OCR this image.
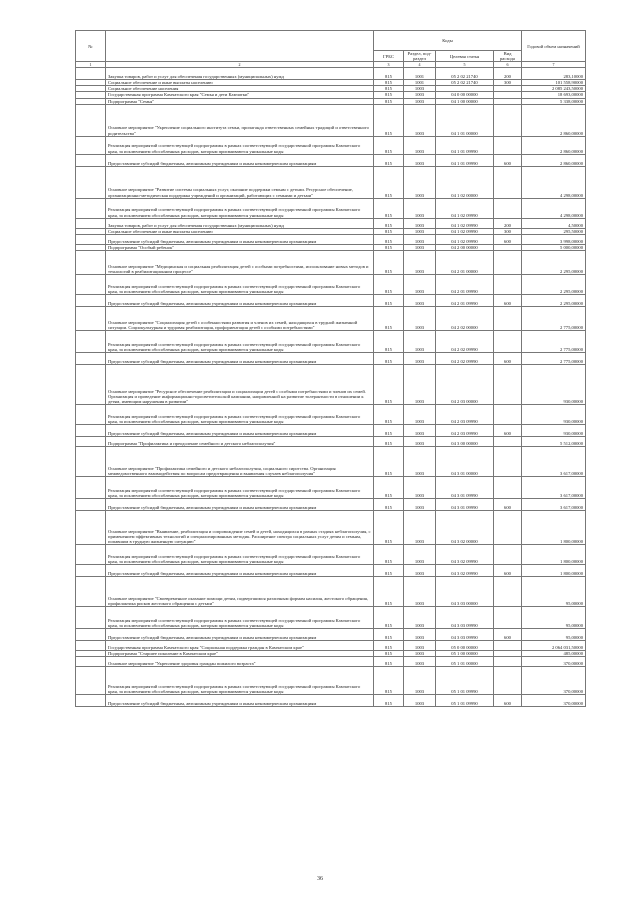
№		Коды				Годовой объем назначений
		ГРБС	Раздел, под-раздел	Целевая статья	Вид расхода	
1	2	3	4	5	6	7
	Закупка товаров, работ и услуг для обеспечения государственных (муниципальных) нужд	815	1001	05 2 02 21740	200	283,10000
	Социальное обеспечение и иные выплаты населению	815	1001	05 2 02 21740	300	101 558,90000
	Социальное обеспечение населения	815	1003			2 085 243,50000
	Государственная программа Камчатского края "Семья и дети Камчатки"	815	1003	04 0 00 00000		18 693,00000
	Подпрограмма "Семья"	815	1003	04 1 00 00000		5 338,00000
	Основное мероприятие "Укрепление социального института семьи, пропаганда ответственных семейных традиций и ответственного родительства"	815	1003	04 1 01 00000		2 860,00000
	Реализация мероприятий соответствующей подпрограммы в рамках соответствующей государственной программы Камчатского края, за исключением обособленных расходов, которым присваиваются уникальные коды	815	1003	04 1 01 09990		2 860,00000
	Предоставление субсидий бюджетным, автономным учреждениям и иным некоммерческим организациям	815	1003	04 1 01 09990	600	2 860,00000
	Основное мероприятие "Развитие системы социальных услуг, оказание поддержки семьям с детьми. Ресурсное обеспечение, организационно-методическая поддержка учреждений и организаций, работающих с семьями и детьми"	815	1003	04 1 02 00000		4 298,00000
	Реализация мероприятий соответствующей подпрограммы в рамках соответствующей государственной программы Камчатского края, за исключением обособленных расходов, которым присваиваются уникальные коды	815	1003	04 1 02 09990		4 298,00000
	Закупка товаров, работ и услуг для обеспечения государственных (муниципальных) нужд	815	1003	04 1 02 09990	200	4,50000
	Социальное обеспечение и иные выплаты населению	815	1003	04 1 02 09990	300	295,50000
	Предоставление субсидий бюджетным, автономным учреждениям и иным некоммерческим организациям	815	1003	04 1 02 09990	600	3 998,00000
	Подпрограмма "Особый ребенок"	815	1003	04 2 00 00000		5 000,00000
	Основное мероприятие "Медицинская и социальная реабилитация детей с особыми потребностями, использование новых методов и технологий в реабилитационном процессе"	815	1003	04 2 01 00000		2 295,00000
	Реализация мероприятий соответствующей подпрограммы в рамках соответствующей государственной программы Камчатского края, за исключением обособленных расходов, которым присваиваются уникальные коды	815	1003	04 2 01 09990		2 295,00000
	Предоставление субсидий бюджетным, автономным учреждениям и иным некоммерческим организациям	815	1003	04 2 01 09990	600	2 295,00000
	Основное мероприятие "Социализация детей с особенностями развития и членов их семей, находящихся в трудной жизненной ситуации. Социокультурная и трудовая реабилитация, профориентация детей с особыми потребностями"	815	1003	04 2 02 00000		2 775,00000
	Реализация мероприятий соответствующей подпрограммы в рамках соответствующей государственной программы Камчатского края, за исключением обособленных расходов, которым присваиваются уникальные коды	815	1003	04 2 02 09990		2 775,00000
	Предоставление субсидий бюджетным, автономным учреждениям и иным некоммерческим организациям	815	1003	04 2 02 09990	600	2 775,00000
	Основное мероприятие "Ресурсное обеспечение реабилитации и социализации детей с особыми потребностями и членов их семей. Организация и проведение информационно-просветительской кампании, направленной на развитие толерантности в отношении к детям, имеющим нарушения в развитии"	815	1003	04 2 03 00000		930,00000
	Реализация мероприятий соответствующей подпрограммы в рамках соответствующей государственной программы Камчатского края, за исключением обособленных расходов, которым присваиваются уникальные коды	815	1003	04 2 03 09990		930,00000
	Предоставление субсидий бюджетным, автономным учреждениям и иным некоммерческим организациям	815	1003	04 2 03 09990	600	930,00000
	Подпрограмма "Профилактика и преодоление семейного и детского неблагополучия"	815	1003	04 3 00 00000		5 512,00000
	Основное мероприятие "Профилактика семейного и детского неблагополучия, социального сиротства. Организация межведомственного взаимодействия по вопросам предотвращения и выявления случаев неблагополучия"	815	1003	04 3 01 00000		3 617,00000
	Реализация мероприятий соответствующей подпрограммы в рамках соответствующей государственной программы Камчатского края, за исключением обособленных расходов, которым присваиваются уникальные коды	815	1003	04 3 01 09990		3 617,00000
	Предоставление субсидий бюджетным, автономным учреждениям и иным некоммерческим организациям	815	1003	04 3 01 09990	600	3 617,00000
	Основное мероприятие "Выявление, реабилитация и сопровождение семей и детей, находящихся в разных стадиях неблагополучия, с применением эффективных технологий и специализированных методик. Расширение спектра социальных услуг детям и семьям, попавшим в трудную жизненную ситуацию"	815	1003	04 3 02 00000		1 800,00000
	Реализация мероприятий соответствующей подпрограммы в рамках соответствующей государственной программы Камчатского края, за исключением обособленных расходов, которым присваиваются уникальные коды	815	1003	04 3 02 09990		1 800,00000
	Предоставление субсидий бюджетным, автономным учреждениям и иным некоммерческим организациям	815	1003	04 3 02 09990	600	1 800,00000
	Основное мероприятие "Своевременное оказание помощи детям, подвергшимся различным формам насилия, жестокого обращения, профилактика рисков жестокого обращения с детьми"	815	1003	04 3 03 00000		95,00000
	Реализация мероприятий соответствующей подпрограммы в рамках соответствующей государственной программы Камчатского края, за исключением обособленных расходов, которым присваиваются уникальные коды	815	1003	04 3 03 09990		95,00000
	Предоставление субсидий бюджетным, автономным учреждениям и иным некоммерческим организациям	815	1003	04 3 03 09990	600	95,00000
	Государственная программа Камчатского края "Социальная поддержка граждан в Камчатском крае"	815	1003	05 0 00 00000		2 064 031,50000
	Подпрограмма "Старшее поколение в Камчатском крае"	815	1003	05 1 00 00000		485,00000
	Основное мероприятие "Укрепление здоровья граждан пожилого возраста"	815	1003	05 1 01 00000		370,00000
	Реализация мероприятий соответствующей подпрограммы в рамках соответствующей государственной программы Камчатского края, за исключением обособленных расходов, которым присваиваются уникальные коды	815	1003	05 1 01 09990		370,00000
	Предоставление субсидий бюджетным, автономным учреждениям и иным некоммерческим организациям	815	1003	05 1 01 09990	600	370,00000
36
